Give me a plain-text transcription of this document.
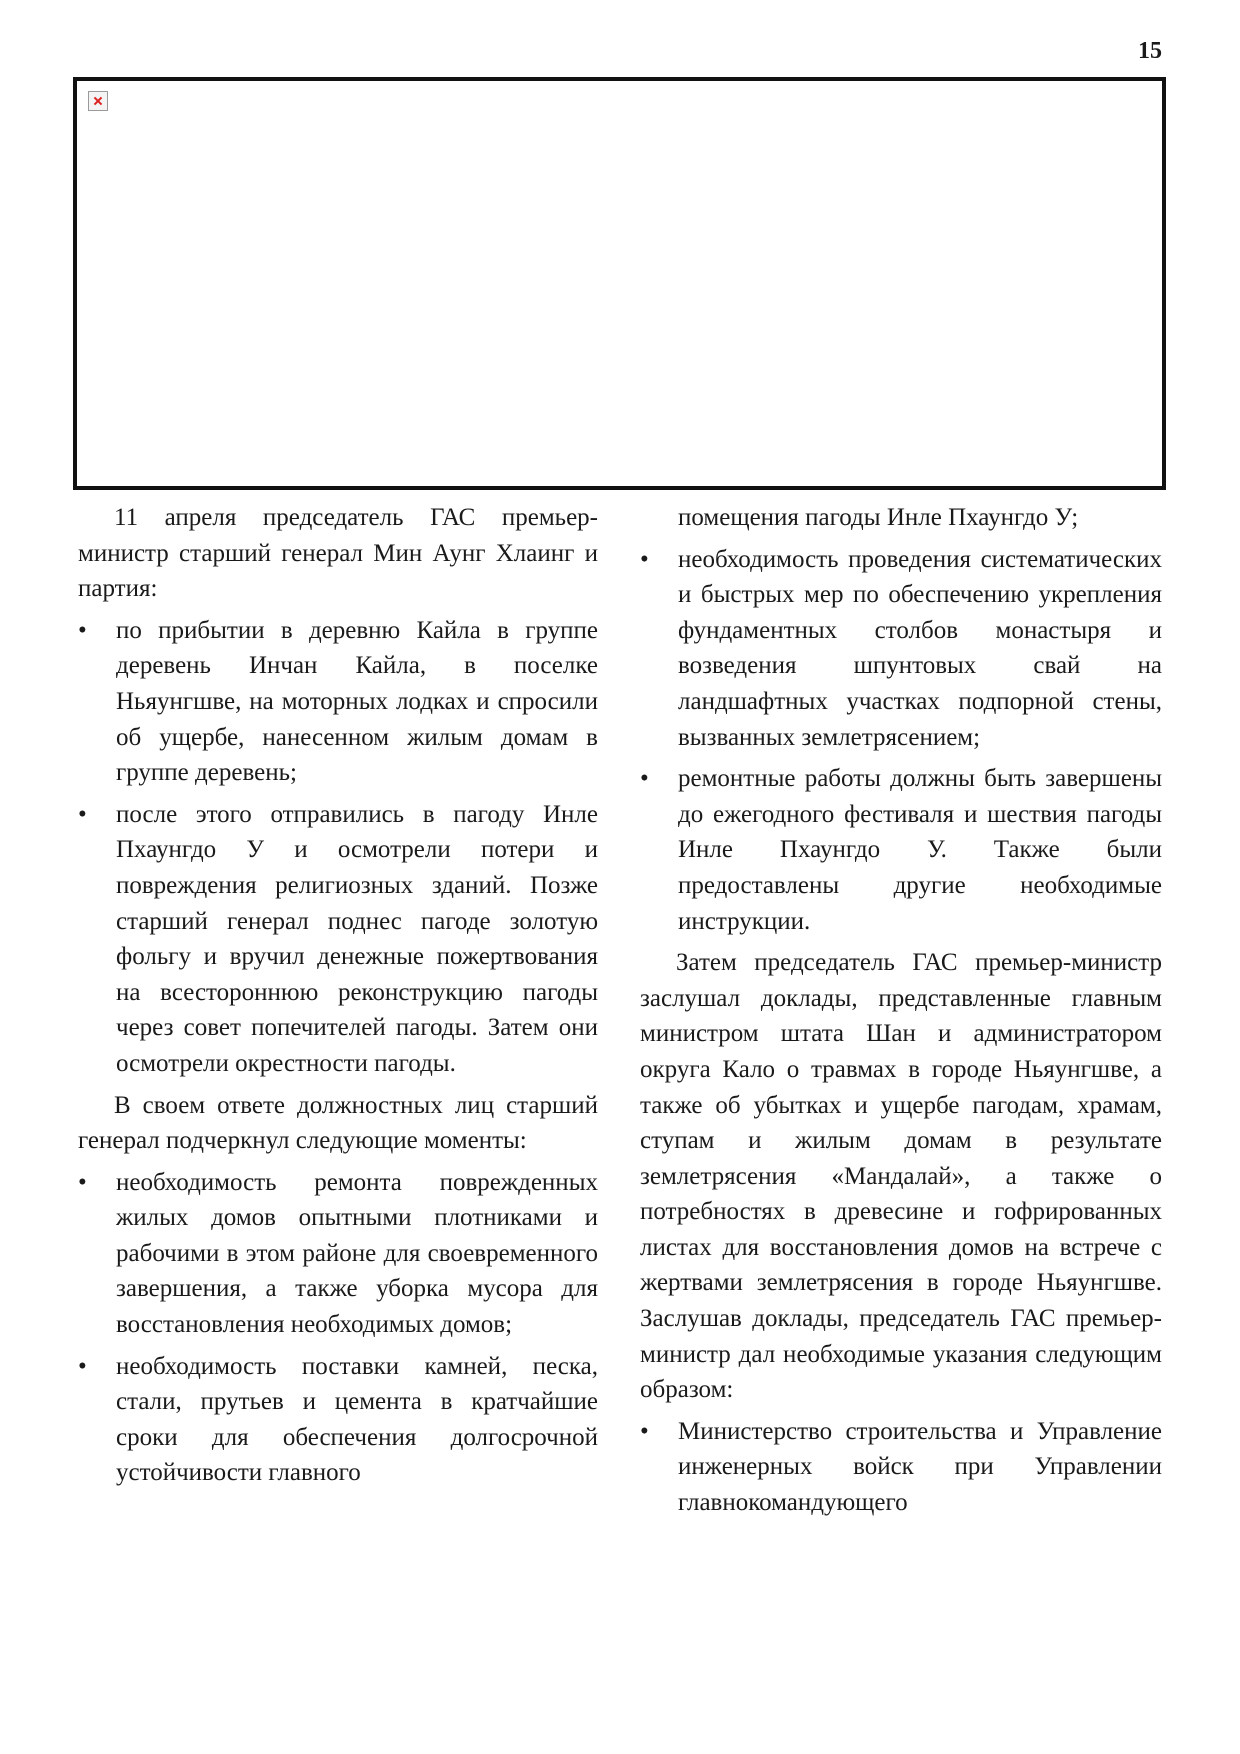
15

11 апреля председатель ГАС премьер-министр старший генерал Мин Аунг Хлаинг и партия:

• по прибытии в деревню Кайла в группе деревень Инчан Кайла, в поселке Ньяунгшве, на моторных лодках и спросили об ущербе, нанесенном жилым домам в группе деревень;
• после этого отправились в пагоду Инле Пхаунгдо У и осмотрели потери и повреждения религиозных зданий. Позже старший генерал поднес пагоде золотую фольгу и вручил денежные пожертвования на всестороннюю реконструкцию пагоды через совет попечителей пагоды. Затем они осмотрели окрестности пагоды.

В своем ответе должностных лиц старший генерал подчеркнул следующие моменты:

• необходимость ремонта поврежденных жилых домов опытными плотниками и рабочими в этом районе для своевременного завершения, а также уборка мусора для восстановления необходимых домов;
• необходимость поставки камней, песка, стали, прутьев и цемента в кратчайшие сроки для обеспечения долгосрочной устойчивости главного

помещения пагоды Инле Пхаунгдо У;

• необходимость проведения систематических и быстрых мер по обеспечению укрепления фундаментных столбов монастыря и возведения шпунтовых свай на ландшафтных участках подпорной стены, вызванных землетрясением;
• ремонтные работы должны быть завершены до ежегодного фестиваля и шествия пагоды Инле Пхаунгдо У. Также были предоставлены другие необходимые инструкции.

Затем председатель ГАС премьер-министр заслушал доклады, представленные главным министром штата Шан и администратором округа Кало о травмах в городе Ньяунгшве, а также об убытках и ущербе пагодам, храмам, ступам и жилым домам в результате землетрясения «Мандалай», а также о потребностях в древесине и гофрированных листах для восстановления домов на встрече с жертвами землетрясения в городе Ньяунгшве. Заслушав доклады, председатель ГАС премьер-министр дал необходимые указания следующим образом:

• Министерство строительства и Управление инженерных войск при Управлении главнокомандующего
